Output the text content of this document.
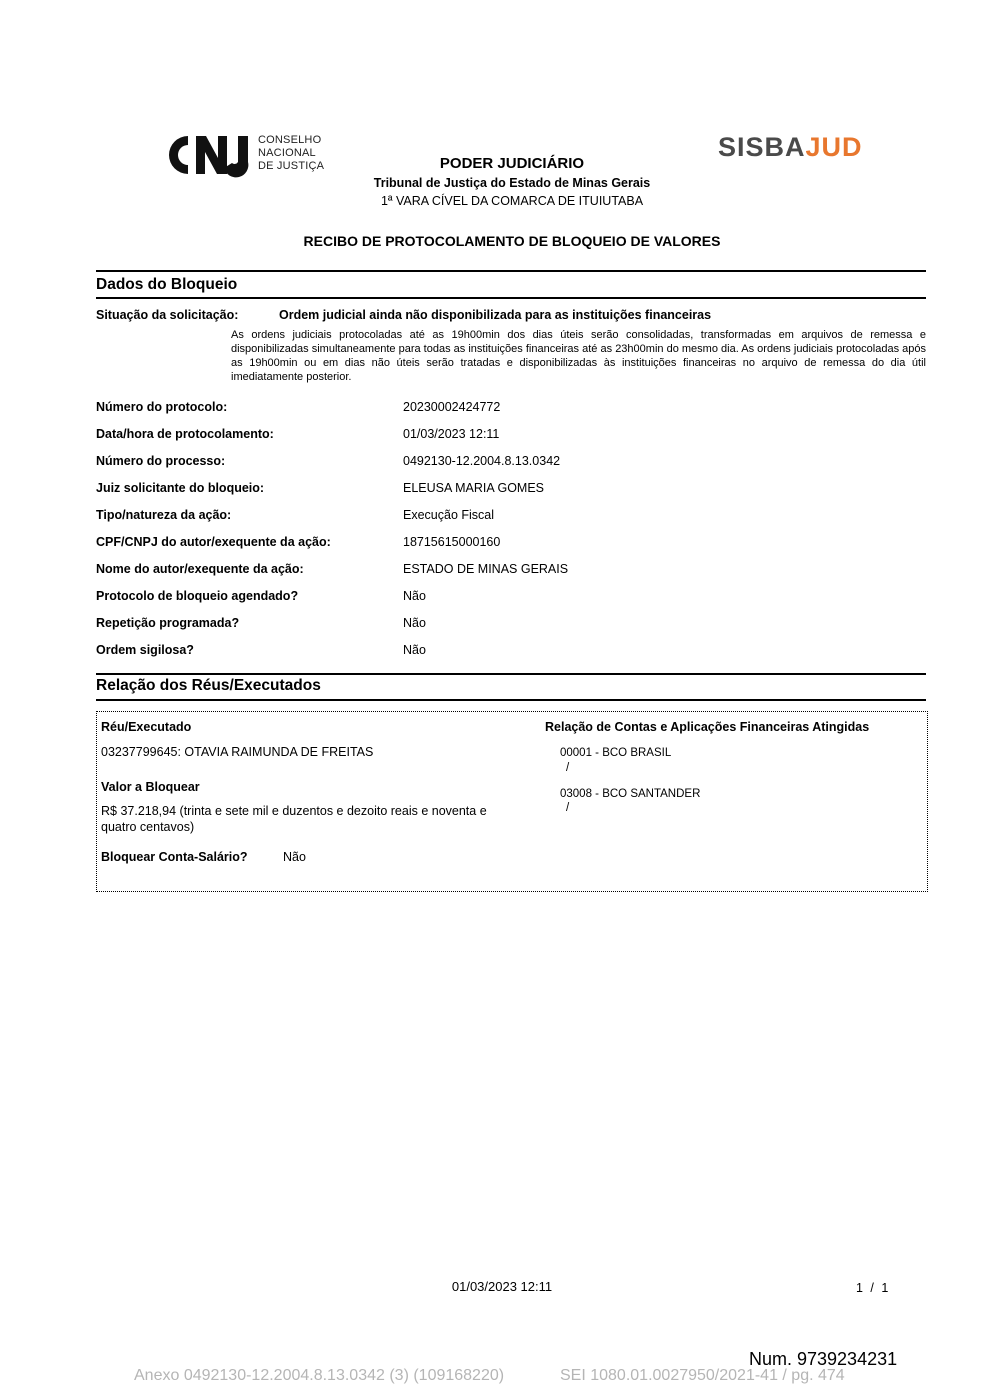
CONSELHO
NACIONAL
DE JUSTIÇA
SISBAJUD
PODER JUDICIÁRIO
Tribunal de Justiça do Estado de Minas Gerais
1ª VARA CÍVEL DA COMARCA DE ITUIUTABA
RECIBO DE PROTOCOLAMENTO DE BLOQUEIO DE VALORES
Dados do Bloqueio
Situação da solicitação:	Ordem judicial ainda não disponibilizada para as instituições financeiras
As ordens judiciais protocoladas até as 19h00min dos dias úteis serão consolidadas, transformadas em arquivos de remessa e disponibilizadas simultaneamente para todas as instituições financeiras até as 23h00min do mesmo dia. As ordens judiciais protocoladas após as 19h00min ou em dias não úteis serão tratadas e disponibilizadas às instituições financeiras no arquivo de remessa do dia útil imediatamente posterior.
Número do protocolo:	20230002424772
Data/hora de protocolamento:	01/03/2023 12:11
Número do processo:	0492130-12.2004.8.13.0342
Juiz solicitante do bloqueio:	ELEUSA MARIA GOMES
Tipo/natureza da ação:	Execução Fiscal
CPF/CNPJ do autor/exequente da ação:	18715615000160
Nome do autor/exequente da ação:	ESTADO DE MINAS GERAIS
Protocolo de bloqueio agendado?	Não
Repetição programada?	Não
Ordem sigilosa?	Não
Relação dos Réus/Executados
Réu/Executado
03237799645: OTAVIA RAIMUNDA DE FREITAS
Valor a Bloquear
R$ 37.218,94 (trinta e sete mil e duzentos e dezoito reais e noventa e
quatro centavos)
Bloquear Conta-Salário?	Não
Relação de Contas e Aplicações Financeiras Atingidas
00001 - BCO BRASIL
/
03008 - BCO SANTANDER
/
01/03/2023 12:11	1 / 1
Num. 9739234231
Anexo 0492130-12.2004.8.13.0342 (3) (109168220)	SEI 1080.01.0027950/2021-41 / pg. 474
